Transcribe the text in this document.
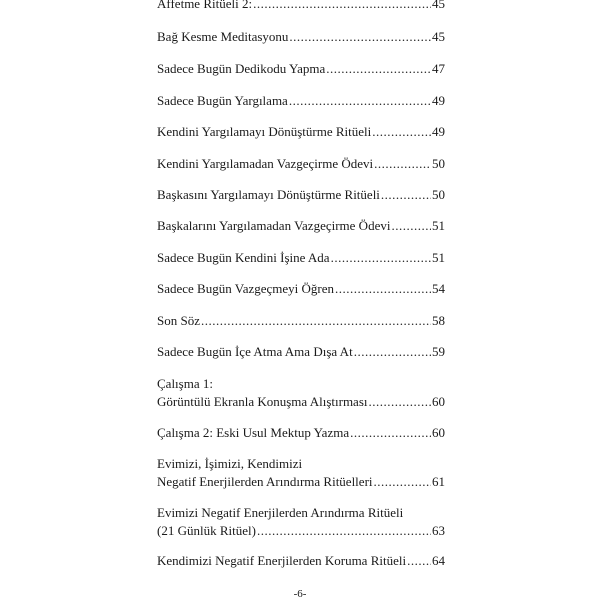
Affetme Ritüeli 2: .....	45
Bağ Kesme Meditasyonu .....	45
Sadece Bugün Dedikodu Yapma .....	47
Sadece Bugün Yargılama .....	49
Kendini Yargılamayı Dönüştürme Ritüeli .....	49
Kendini Yargılamadan Vazgeçirme Ödevi .....	50
Başkasını Yargılamayı Dönüştürme Ritüeli .....	50
Başkalarını Yargılamadan Vazgeçirme Ödevi .....	51
Sadece Bugün Kendini İşine Ada .....	51
Sadece Bugün Vazgeçmeyi Öğren .....	54
Son Söz .....	58
Sadece Bugün İçe Atma Ama Dışa At .....	59
Çalışma 1:
Görüntülü Ekranla Konuşma Alıştırması .....	60
Çalışma 2: Eski Usul Mektup Yazma .....	60
Evimizi, İşimizi, Kendimizi
Negatif Enerjilerden Arındırma Ritüelleri .....	61
Evimizi Negatif Enerjilerden Arındırma Ritüeli
(21 Günlük Ritüel) .....	63
Kendimizi Negatif Enerjilerden Koruma Ritüeli ..... 64
-6-
